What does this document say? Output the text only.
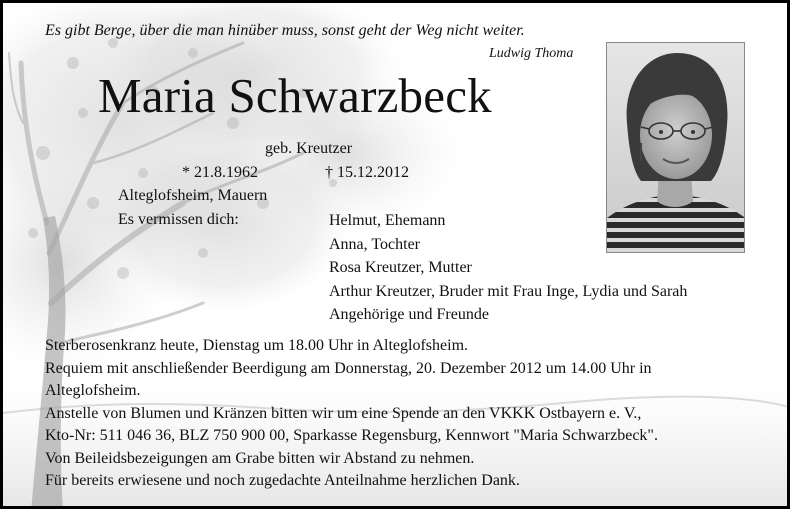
Es gibt Berge, über die man hinüber muss, sonst geht der Weg nicht weiter.
Ludwig Thoma
Maria Schwarzbeck
geb. Kreutzer
* 21.8.1962	† 15.12.2012
Alteglofsheim, Mauern
Es vermissen dich:	Helmut, Ehemann
Anna, Tochter
Rosa Kreutzer, Mutter
Arthur Kreutzer, Bruder mit Frau Inge, Lydia und Sarah
Angehörige und Freunde
Sterberosenkranz heute, Dienstag um 18.00 Uhr in Alteglofsheim.
Requiem mit anschließender Beerdigung am Donnerstag, 20. Dezember 2012 um 14.00 Uhr in
Alteglofsheim.
Anstelle von Blumen und Kränzen bitten wir um eine Spende an den VKKK Ostbayern e. V.,
Kto-Nr: 511 046 36, BLZ 750 900 00, Sparkasse Regensburg, Kennwort "Maria Schwarzbeck".
Von Beileidsbezeigungen am Grabe bitten wir Abstand zu nehmen.
Für bereits erwiesene und noch zugedachte Anteilnahme herzlichen Dank.
